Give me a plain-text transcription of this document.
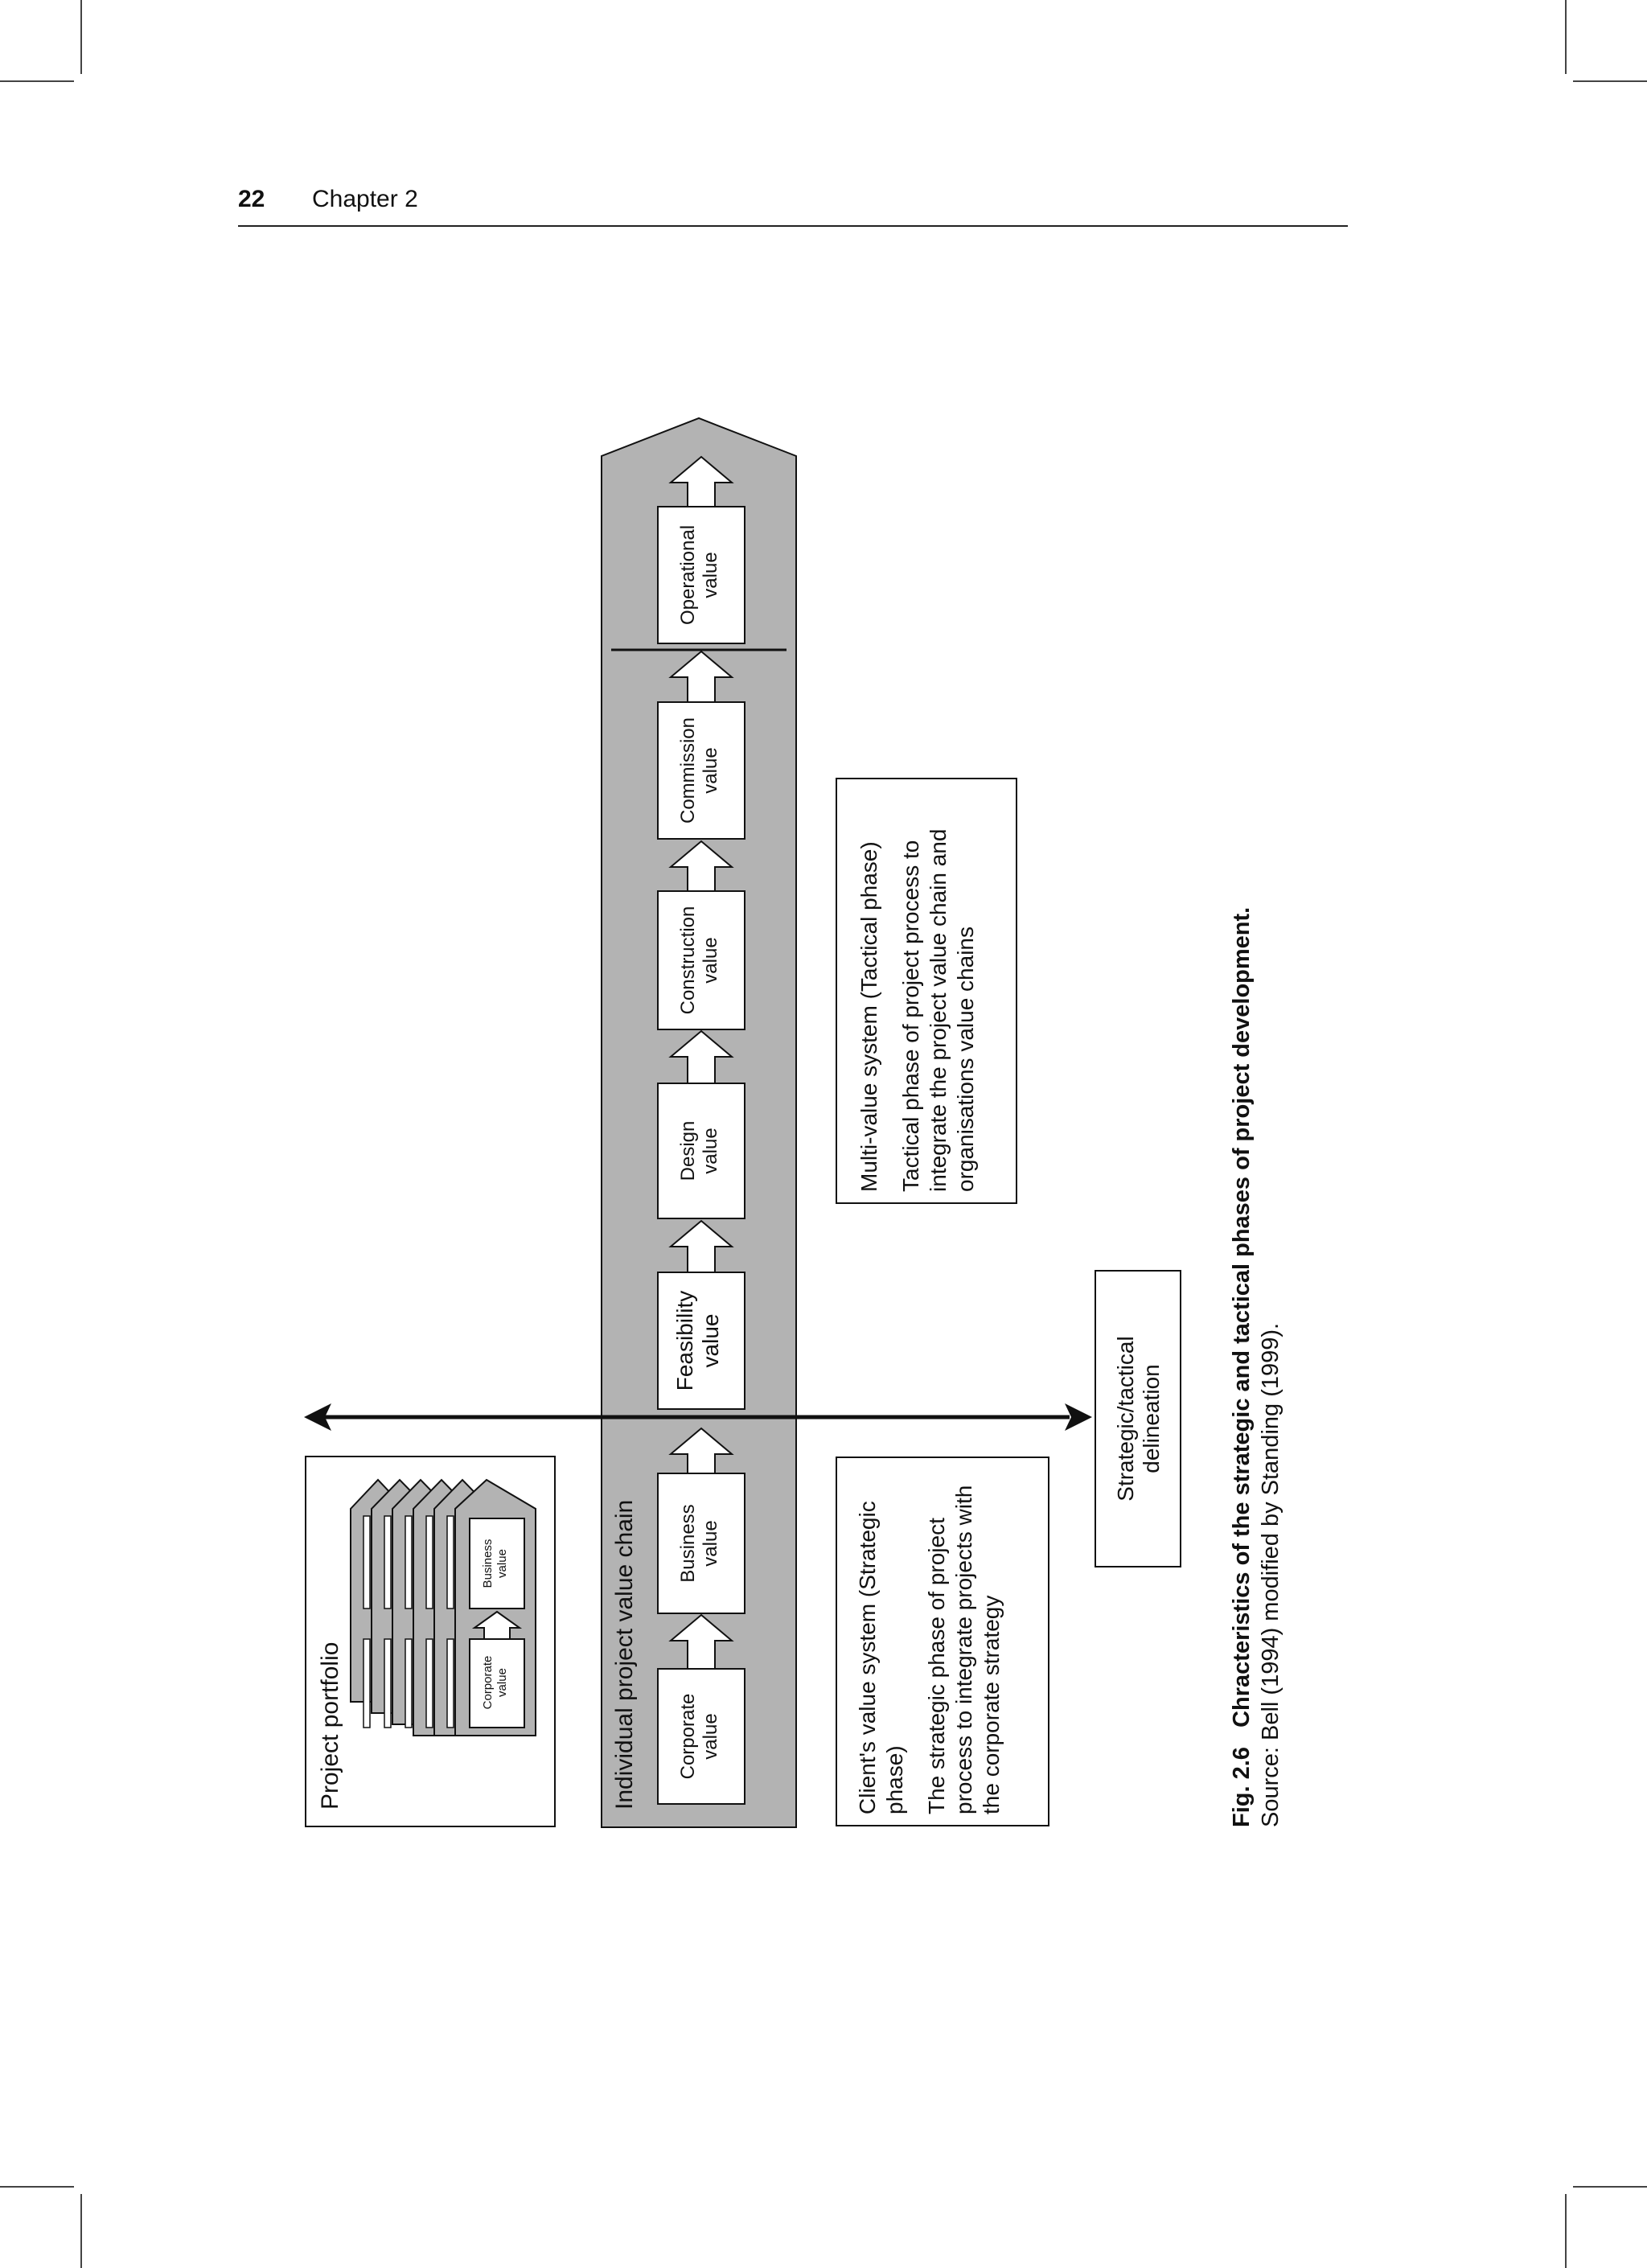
22 Chapter 2
Project portfolio	Corporate value
Business value	Individual project value chain Corporate value
Business value
Feasibility value
Design value
Construction value
Commission value
Operational value
Client's value system (Strategic phase) The strategic phase of project process to integrate projects with the corporate strategy
Multi-value system (Tactical phase) Tactical phase of project process to integrate the project value chain and organisations value chains
Strategic/tactical delineation
Fig. 2.6   Chracteristics of the strategic and tactical phases of project development. Source: Bell (1994) modified by Standing (1999).
